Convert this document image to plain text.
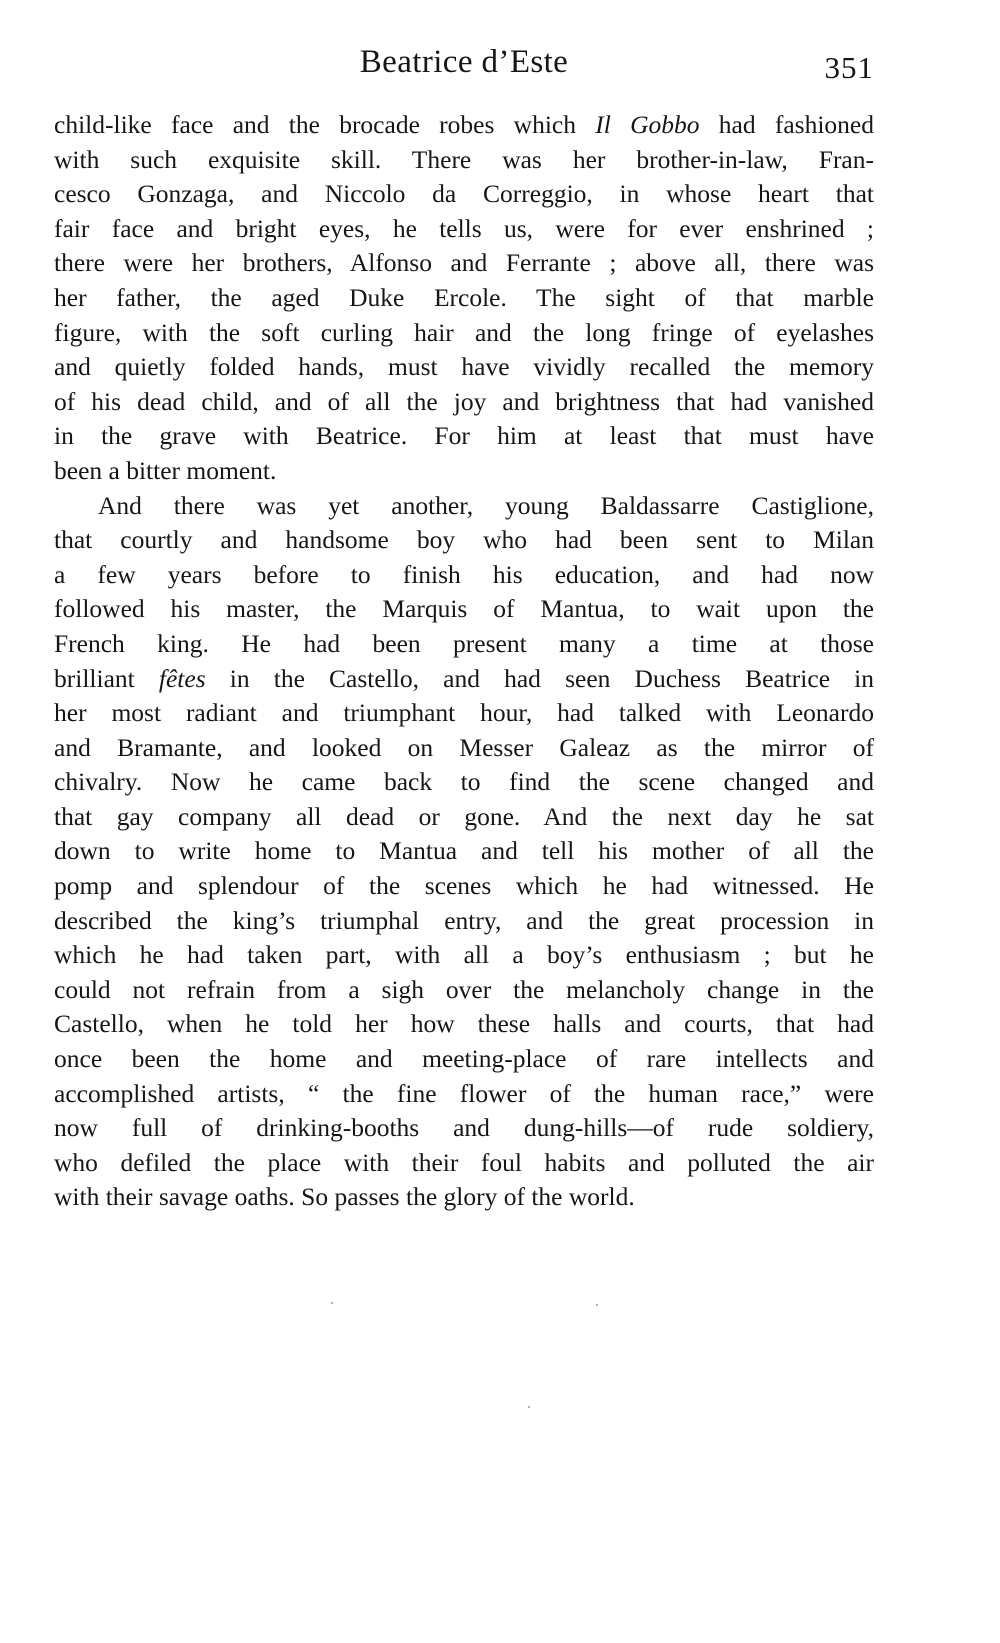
Beatrice d’Este	351

child-like face and the brocade robes which Il Gobbo had fashioned
with such exquisite skill. There was her brother-in-law, Fran-
cesco Gonzaga, and Niccolo da Correggio, in whose heart that
fair face and bright eyes, he tells us, were for ever enshrined ;
there were her brothers, Alfonso and Ferrante ; above all, there was
her father, the aged Duke Ercole. The sight of that marble
figure, with the soft curling hair and the long fringe of eyelashes
and quietly folded hands, must have vividly recalled the memory
of his dead child, and of all the joy and brightness that had vanished
in the grave with Beatrice. For him at least that must have
been a bitter moment.

And there was yet another, young Baldassarre Castiglione,
that courtly and handsome boy who had been sent to Milan
a few years before to finish his education, and had now
followed his master, the Marquis of Mantua, to wait upon the
French king. He had been present many a time at those
brilliant fêtes in the Castello, and had seen Duchess Beatrice in
her most radiant and triumphant hour, had talked with Leonardo
and Bramante, and looked on Messer Galeaz as the mirror of
chivalry. Now he came back to find the scene changed and
that gay company all dead or gone. And the next day he sat
down to write home to Mantua and tell his mother of all the
pomp and splendour of the scenes which he had witnessed. He
described the king’s triumphal entry, and the great procession in
which he had taken part, with all a boy’s enthusiasm ; but he
could not refrain from a sigh over the melancholy change in the
Castello, when he told her how these halls and courts, that had
once been the home and meeting-place of rare intellects and
accomplished artists, “ the fine flower of the human race,” were
now full of drinking-booths and dung-hills—of rude soldiery,
who defiled the place with their foul habits and polluted the air
with their savage oaths. So passes the glory of the world.
